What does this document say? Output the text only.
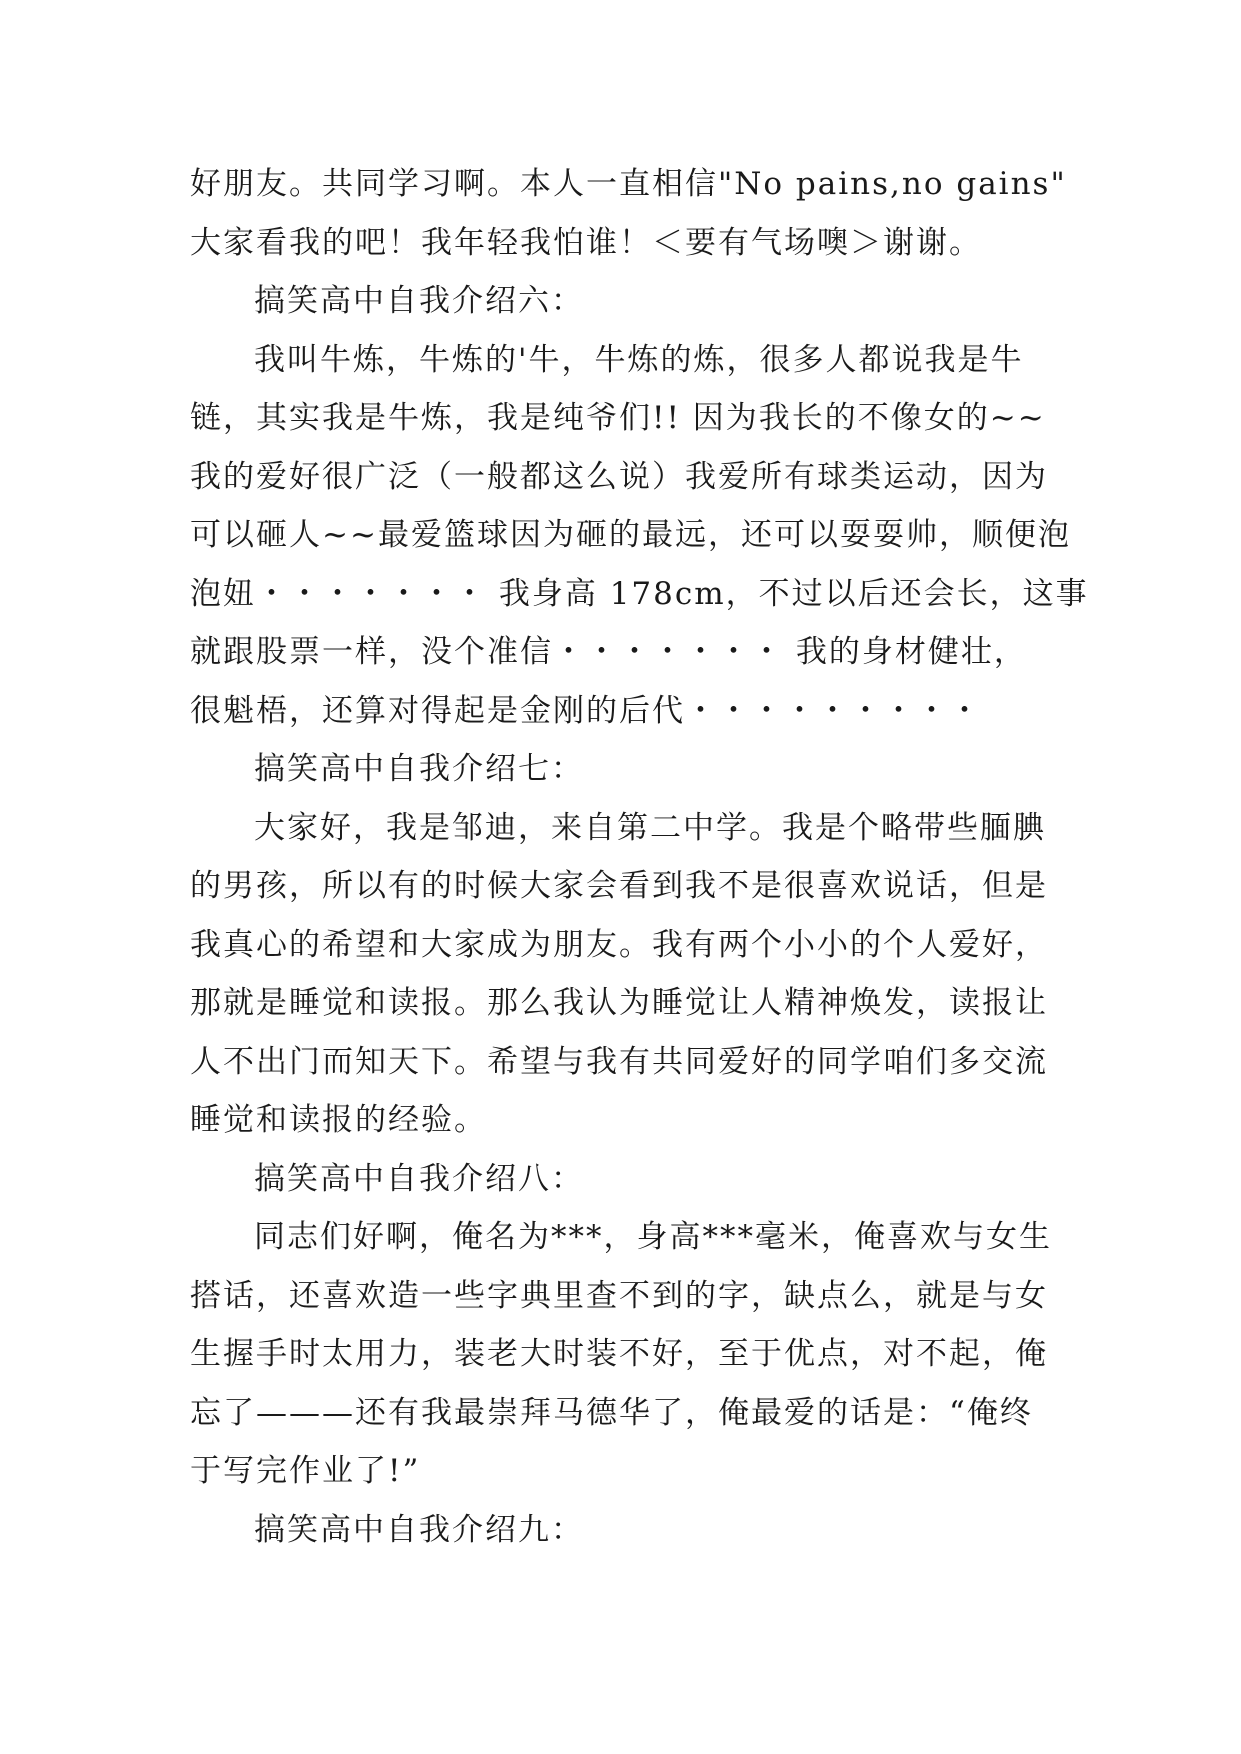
好朋友。共同学习啊。本人一直相信"No pains,no gains"
大家看我的吧！我年轻我怕谁！＜要有气场噢＞谢谢。
搞笑高中自我介绍六：
我叫牛炼，牛炼的'牛，牛炼的炼，很多人都说我是牛
链，其实我是牛炼，我是纯爷们!! 因为我长的不像女的~~
我的爱好很广泛（一般都这么说）我爱所有球类运动，因为
可以砸人~~最爱篮球因为砸的最远，还可以耍耍帅，顺便泡
泡妞・・・・・・・ 我身高 178cm，不过以后还会长，这事
就跟股票一样，没个准信・・・・・・・ 我的身材健壮，
很魁梧，还算对得起是金刚的后代・・・・・・・・・
搞笑高中自我介绍七：
大家好，我是邹迪，来自第二中学。我是个略带些腼腆
的男孩，所以有的时候大家会看到我不是很喜欢说话，但是
我真心的希望和大家成为朋友。我有两个小小的个人爱好，
那就是睡觉和读报。那么我认为睡觉让人精神焕发，读报让
人不出门而知天下。希望与我有共同爱好的同学咱们多交流
睡觉和读报的经验。
搞笑高中自我介绍八：
同志们好啊，俺名为***，身高***毫米，俺喜欢与女生
搭话，还喜欢造一些字典里查不到的字，缺点么，就是与女
生握手时太用力，装老大时装不好，至于优点，对不起，俺
忘了———还有我最崇拜马德华了，俺最爱的话是：“俺终
于写完作业了!”
搞笑高中自我介绍九：
